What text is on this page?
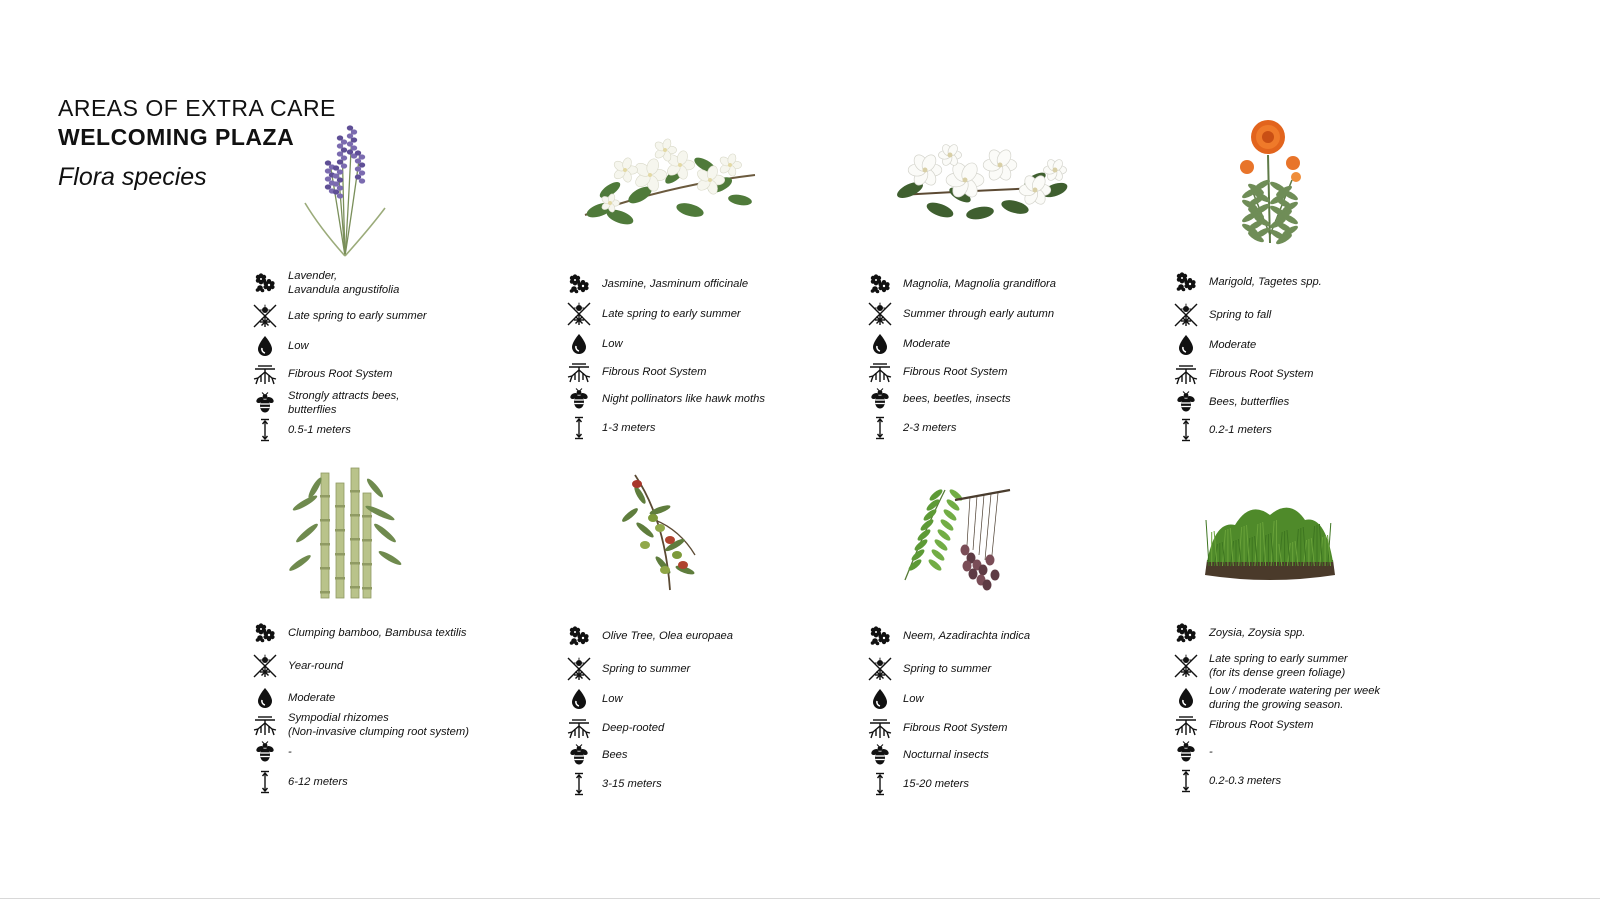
AREAS OF EXTRA CARE
WELCOMING PLAZA
Flora species
Lavender,
Lavandula angustifolia
Late spring to early summer
Low
Fibrous Root System
Strongly attracts bees,
butterflies
0.5-1 meters
Jasmine, Jasminum officinale
Late spring to early summer
Low
Fibrous Root System
Night pollinators like hawk moths
1-3 meters
Magnolia, Magnolia grandiflora
Summer through early autumn
Moderate
Fibrous Root System
bees, beetles, insects
2-3 meters
Marigold, Tagetes spp.
Spring to fall
Moderate
Fibrous Root System
Bees, butterflies
0.2-1 meters
Clumping bamboo, Bambusa textilis
Year-round
Moderate
Sympodial rhizomes
(Non-invasive clumping root system)
-
6-12 meters
Olive Tree, Olea europaea
Spring to summer
Low
Deep-rooted
Bees
3-15 meters
Neem, Azadirachta indica
Spring to summer
Low
Fibrous Root System
Nocturnal insects
15-20 meters
Zoysia, Zoysia spp.
Late spring to early summer
(for its dense green foliage)
Low / moderate watering per week
during the growing season.
Fibrous Root System
-
0.2-0.3 meters
